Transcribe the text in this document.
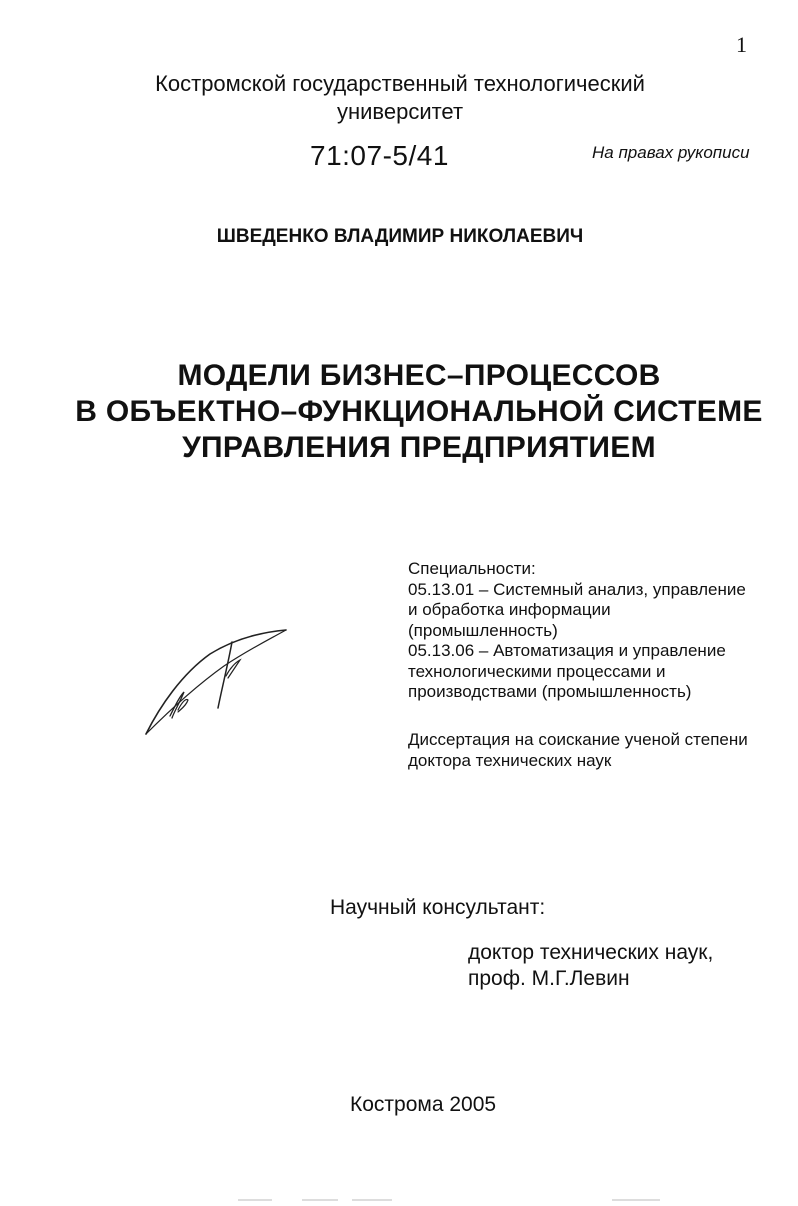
1
Костромской государственный технологический
университет
71:07-5/41	На правах рукописи
ШВЕДЕНКО ВЛАДИМИР НИКОЛАЕВИЧ
МОДЕЛИ БИЗНЕС–ПРОЦЕССОВ
В ОБЪЕКТНО–ФУНКЦИОНАЛЬНОЙ СИСТЕМЕ
УПРАВЛЕНИЯ ПРЕДПРИЯТИЕМ
Специальности:
05.13.01 – Системный анализ, управление
и обработка информации
(промышленность)
05.13.06 – Автоматизация и управление
технологическими процессами и
производствами (промышленность)
Диссертация на соискание ученой степени
доктора технических наук
Научный консультант:
доктор технических наук,
проф. М.Г.Левин
Кострома 2005
